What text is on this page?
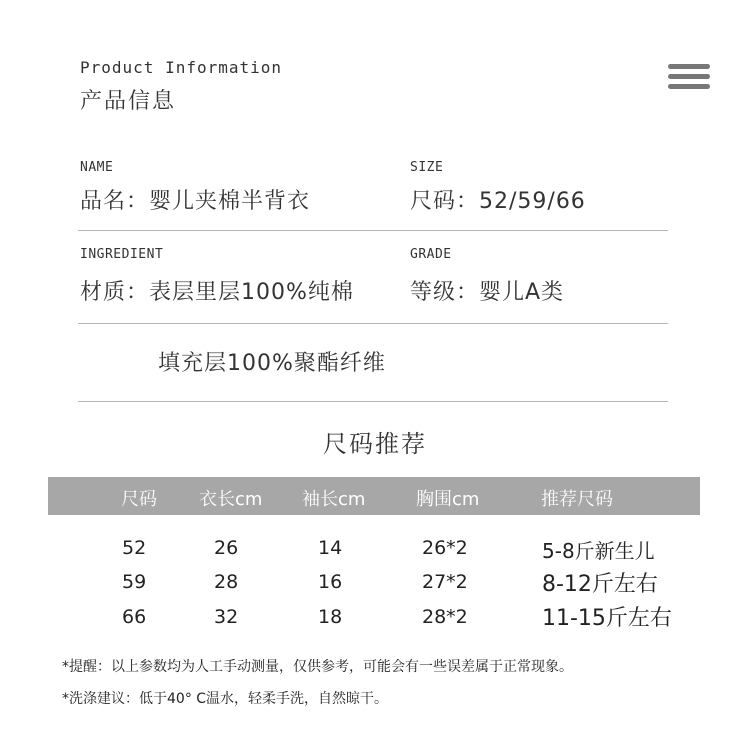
Product Information
产品信息
NAME
品名：婴儿夹棉半背衣
SIZE
尺码：52/59/66
INGREDIENT
材质：表层里层100%纯棉
GRADE
等级：婴儿A类
填充层100%聚酯纤维
尺码推荐
尺码 衣长cm 袖长cm	胸围cm	推荐尺码
52	26	14	26*2	5-8斤新生儿
59	28	16	27*2	8-12斤左右
66	32	18	28*2	11-15斤左右
*提醒：以上参数均为人工手动测量，仅供参考，可能会有一些误差属于正常现象。
*洗涤建议：低于40° C温水，轻柔手洗，自然晾干。
